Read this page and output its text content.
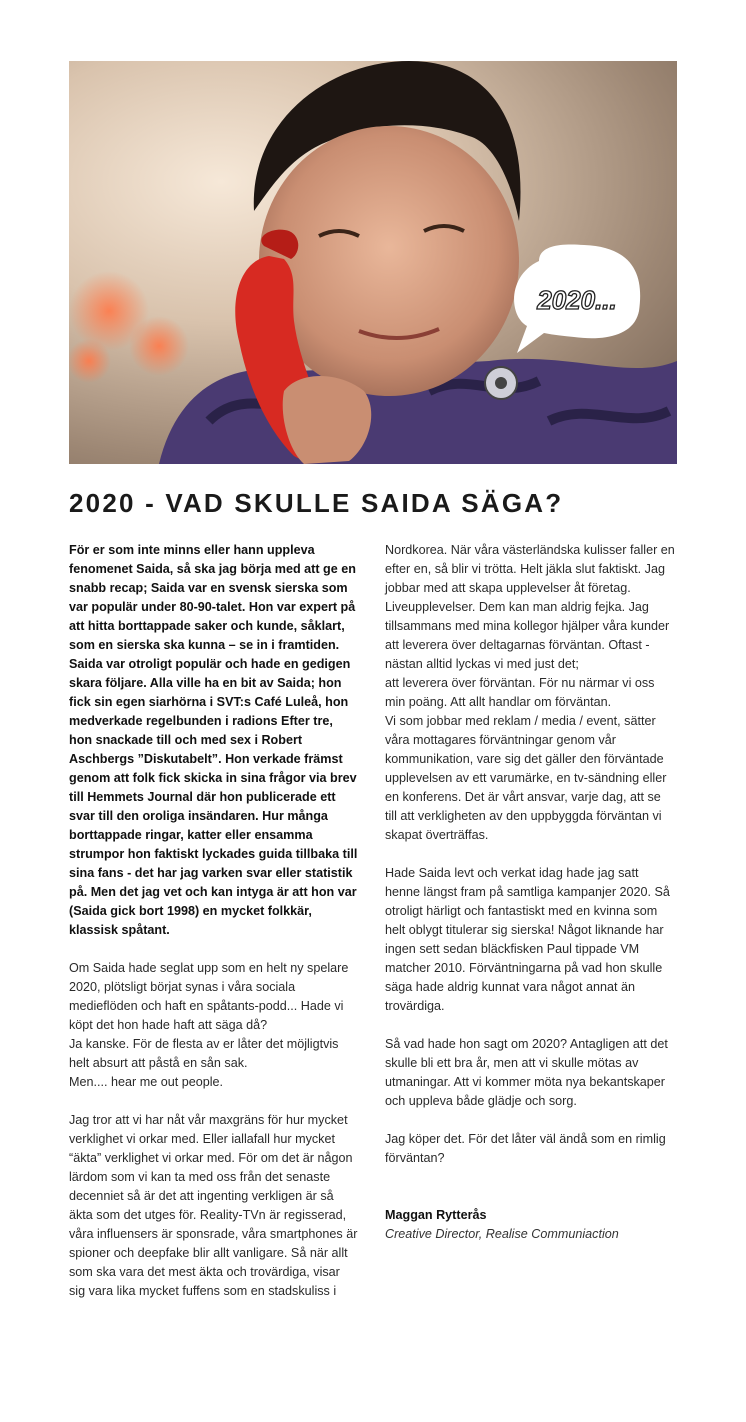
2020...
2020 - VAD SKULLE SAIDA SÄGA?

För er som inte minns eller hann uppleva fenomenet Saida, så ska jag börja med att ge en snabb recap; Saida var en svensk sierska som var populär under 80-90-talet. Hon var expert på att hitta borttappade saker och kunde, såklart, som en sierska ska kunna – se in i framtiden. Saida var otroligt populär och hade en gedigen skara följare. Alla ville ha en bit av Saida; hon fick sin egen siarhörna i SVT:s Café Luleå, hon medverkade regelbunden i radions Efter tre, hon snackade till och med sex i Robert Aschbergs ”Diskutabelt”. Hon verkade främst genom att folk fick skicka in sina frågor via brev till Hemmets Journal där hon publicerade ett svar till den oroliga insändaren. Hur många borttappade ringar, katter eller ensamma strumpor hon faktiskt lyckades guida tillbaka till sina fans - det har jag varken svar eller statistik på. Men det jag vet och kan intyga är att hon var (Saida gick bort 1998) en mycket folkkär, klassisk spåtant.

Om Saida hade seglat upp som en helt ny spelare 2020, plötsligt börjat synas i våra sociala medieflöden och haft en spåtants-podd... Hade vi köpt det hon hade haft att säga då?

Ja kanske. För de flesta av er låter det möjligtvis helt absurt att påstå en sån sak.

Men.... hear me out people.

Jag tror att vi har nåt vår maxgräns för hur mycket verklighet vi orkar med. Eller iallafall hur mycket “äkta” verklighet vi orkar med. För om det är någon lärdom som vi kan ta med oss från det senaste decenniet så är det att ingenting verkligen är så äkta som det utges för. Reality-TVn är regisserad, våra influensers är sponsrade, våra smartphones är spioner och deepfake blir allt vanligare. Så när allt som ska vara det mest äkta och trovärdiga, visar sig vara lika mycket fuffens som en stadskuliss i

Nordkorea. När våra västerländska kulisser faller en efter en, så blir vi trötta. Helt jäkla slut faktiskt. Jag jobbar med att skapa upplevelser åt företag. Liveupplevelser. Dem kan man aldrig fejka. Jag tillsammans med mina kollegor hjälper våra kunder att leverera över deltagarnas förväntan. Oftast - nästan alltid lyckas vi med just det;

att leverera över förväntan. För nu närmar vi oss min poäng. Att allt handlar om förväntan.

Vi som jobbar med reklam / media / event, sätter våra mottagares förväntningar genom vår kommunikation, vare sig det gäller den förväntade upplevelsen av ett varumärke, en tv-sändning eller en konferens. Det är vårt ansvar, varje dag, att se till att verkligheten av den uppbyggda förväntan vi skapat överträffas.

Hade Saida levt och verkat idag hade jag satt henne längst fram på samtliga kampanjer 2020. Så otroligt härligt och fantastiskt med en kvinna som helt oblygt titulerar sig sierska! Något liknande har ingen sett sedan bläckfisken Paul tippade VM matcher 2010. Förväntningarna på vad hon skulle säga hade aldrig kunnat vara något annat än trovärdiga.

Så vad hade hon sagt om 2020? Antagligen att det skulle bli ett bra år, men att vi skulle mötas av utmaningar. Att vi kommer möta nya bekantskaper och uppleva både glädje och sorg.

Jag köper det. För det låter väl ändå som en rimlig förväntan?

Maggan Rytterås
Creative Director, Realise Communiaction
